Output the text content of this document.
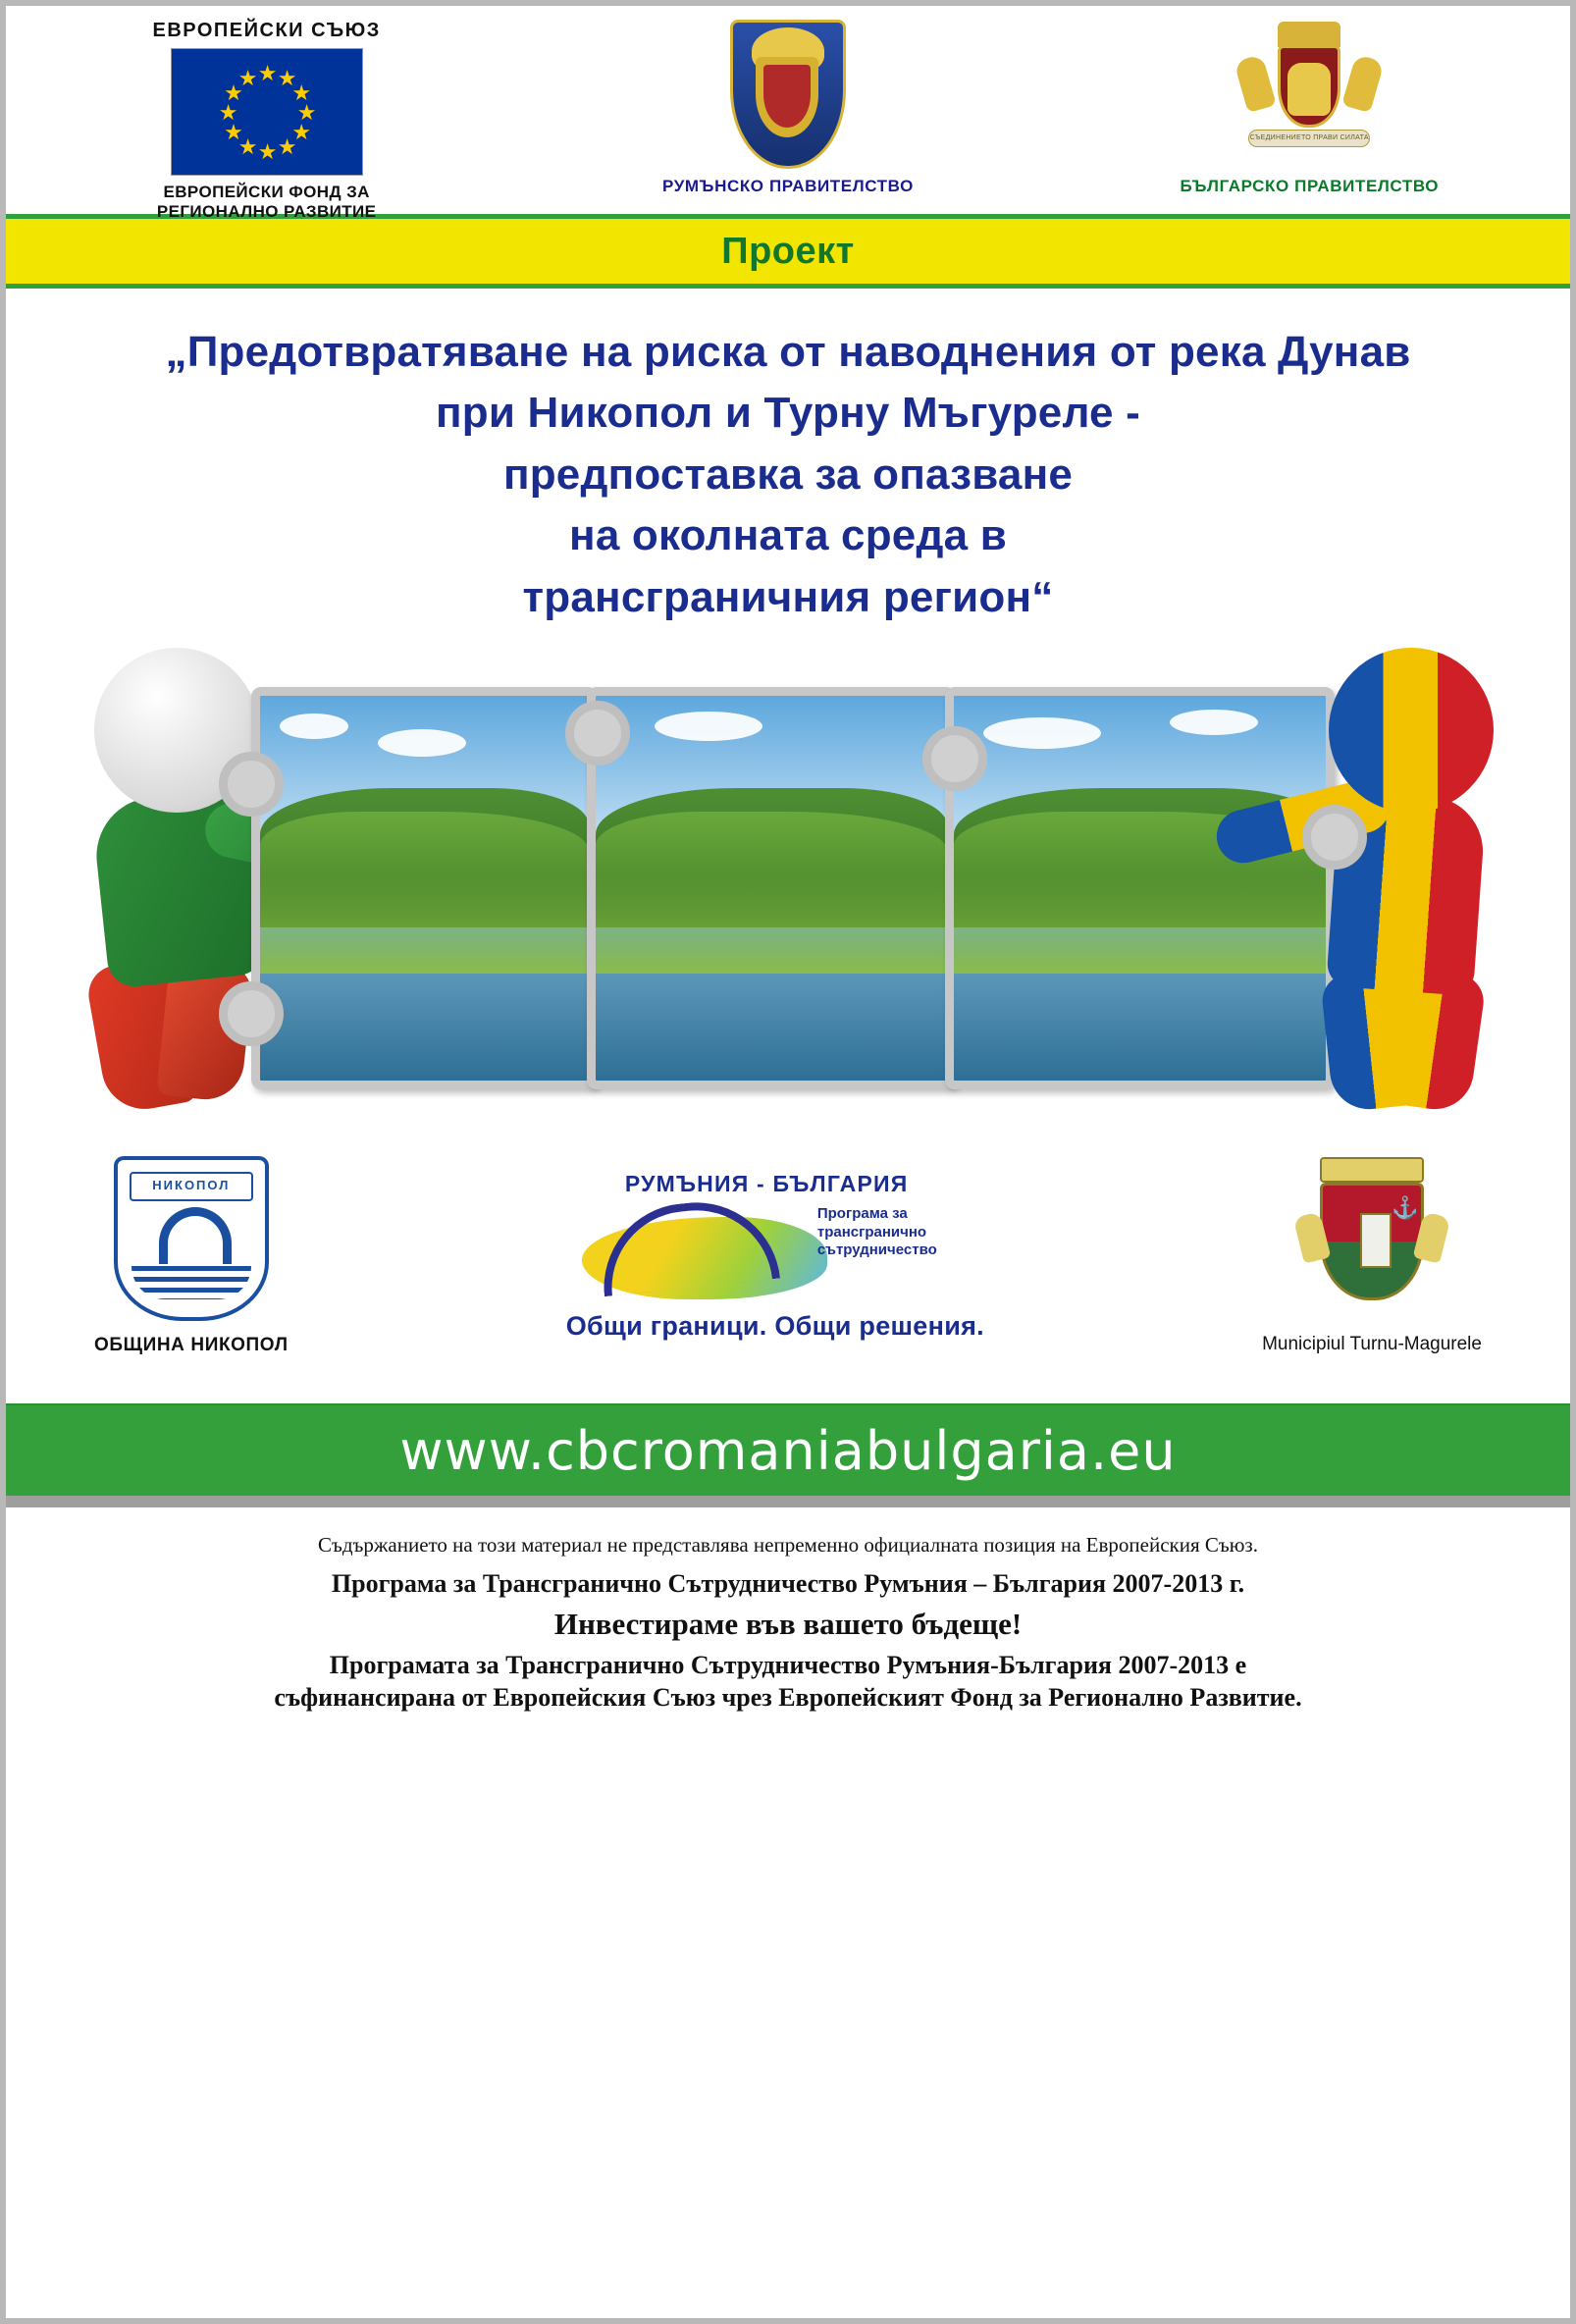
ЕВРОПЕЙСКИ СЪЮЗ
★ ★
★
★
★
★
★
★
★
★
★
★
ЕВРОПЕЙСКИ ФОНД ЗА
РЕГИОНАЛНО РАЗВИТИЕ
РУМЪНСКО ПРАВИТЕЛСТВО
СЪЕДИНЕНИЕТО ПРАВИ СИЛАТА
БЪЛГАРСКО ПРАВИТЕЛСТВО
Проект
„Предотвратяване на риска от наводнения от река Дунав
при Никопол и Турну Мъгуреле -
предпоставка за опазване
на околната среда в
трансграничния регион“
НИКОПОЛ
ОБЩИНА НИКОПОЛ
РУМЪНИЯ - БЪЛГАРИЯ
Програма за
трансгранично
сътрудничество
Общи граници. Общи решения.
⚓
Municipiul Turnu-Magurele
www.cbcromaniabulgaria.eu
Съдържанието на този материал не представлява непременно официалната позиция на Европейския Съюз.
Програма за Трансгранично Сътрудничество Румъния – България 2007-2013 г.
Инвестираме във вашето бъдеще!
Програмата за Трансгранично Сътрудничество Румъния-България 2007-2013 е
съфинансирана от Европейския Съюз чрез Европейският Фонд за Регионално Развитие.
